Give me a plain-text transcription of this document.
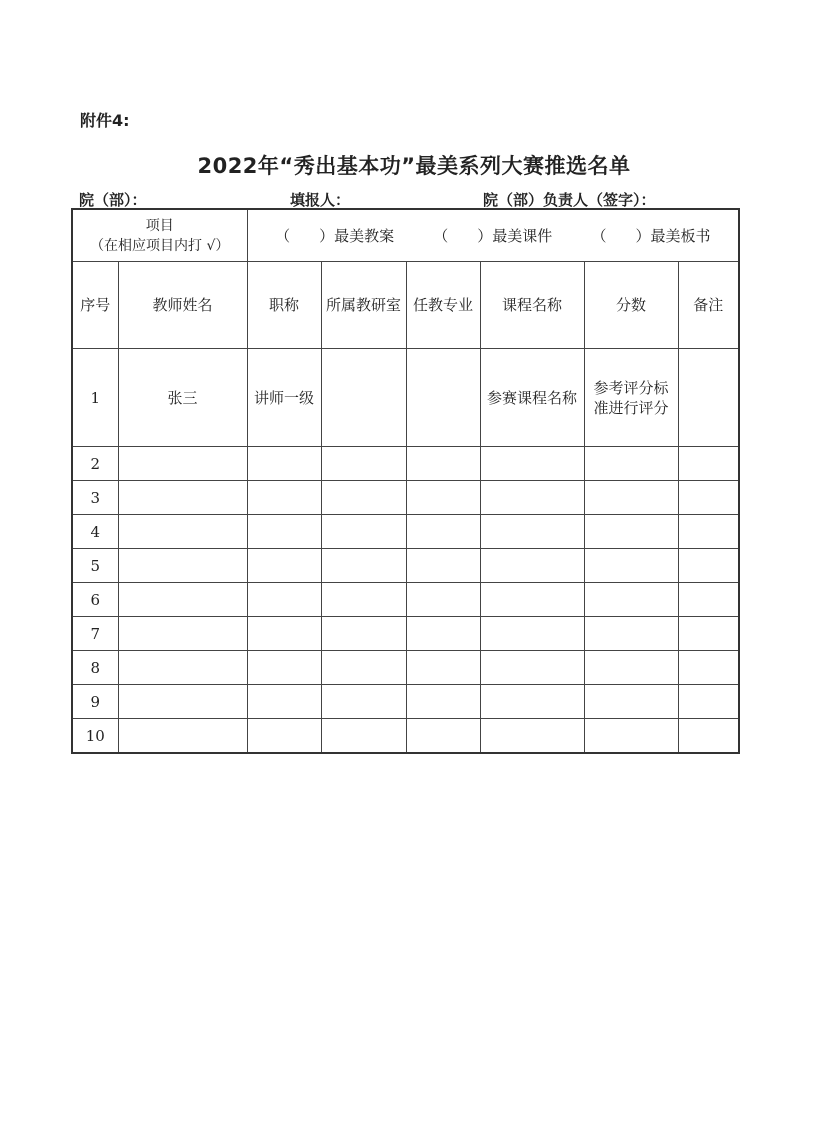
附件4:
2022年“秀出基本功”最美系列大赛推选名单
院（部）：	填报人：	院（部）负责人（签字）：
项目
（在相应项目内打 √）		（ ）最美教案 （ ）最美课件 （ ）最美板书					

序号	教师姓名	职称	所属教研室	任教专业	课程名称	分数	备注
1	张三	讲师一级			参赛课程名称	参考评分标准进行评分	
2							
3							
4							
5							
6							
7							
8							
9							
10							
